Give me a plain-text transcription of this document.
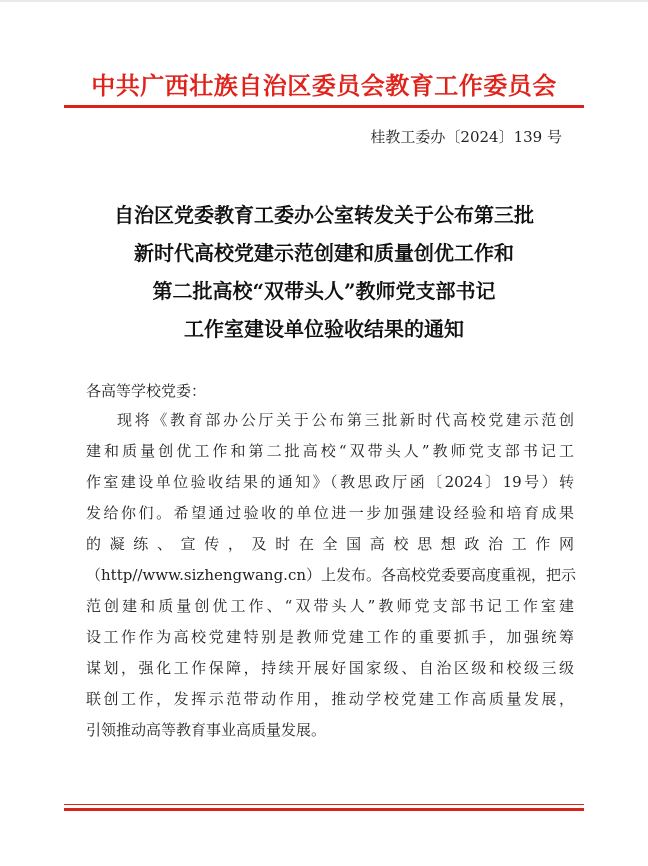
中共广西壮族自治区委员会教育工作委员会
桂教工委办〔2024〕139 号
自治区党委教育工委办公室转发关于公布第三批
新时代高校党建示范创建和质量创优工作和
第二批高校“双带头人”教师党支部书记
工作室建设单位验收结果的通知
各高等学校党委：
现将《教育部办公厅关于公布第三批新时代高校党建示范创
建和质量创优工作和第二批高校“双带头人”教师党支部书记工
作室建设单位验收结果的通知》（教思政厅函〔2024〕19号）转
发给你们。希望通过验收的单位进一步加强建设经验和培育成果
的凝练、宣传，及时在全国高校思想政治工作网
（http//www.sizhengwang.cn）上发布。各高校党委要高度重视，把示
范创建和质量创优工作、“双带头人”教师党支部书记工作室建
设工作作为高校党建特别是教师党建工作的重要抓手，加强统筹
谋划，强化工作保障，持续开展好国家级、自治区级和校级三级
联创工作，发挥示范带动作用，推动学校党建工作高质量发展，
引领推动高等教育事业高质量发展。
